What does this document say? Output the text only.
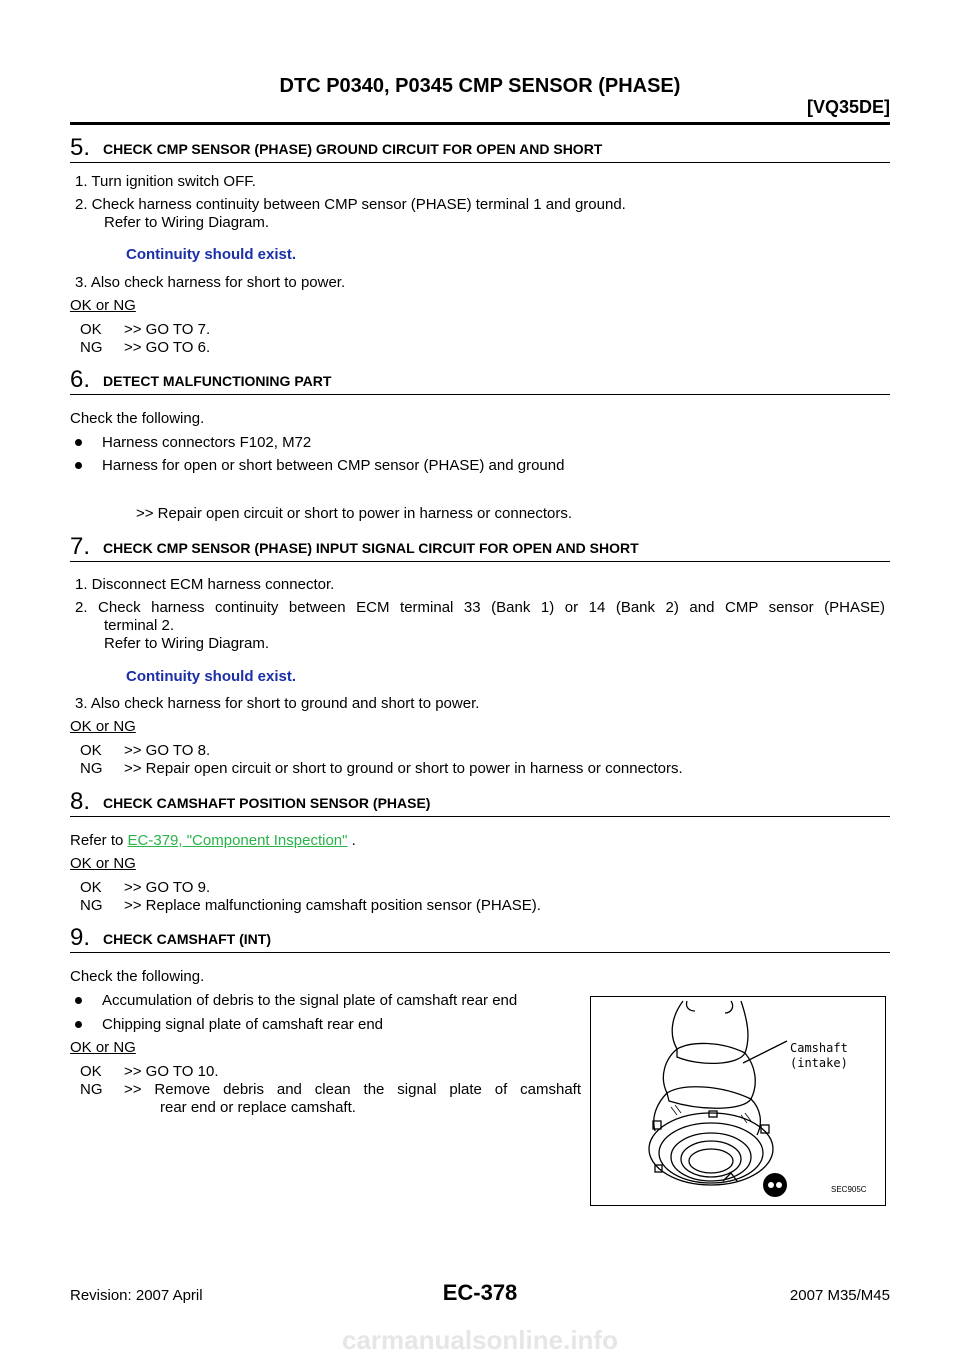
DTC P0340, P0345 CMP SENSOR (PHASE)
[VQ35DE]
5. CHECK CMP SENSOR (PHASE) GROUND CIRCUIT FOR OPEN AND SHORT
1. Turn ignition switch OFF.
2. Check harness continuity between CMP sensor (PHASE) terminal 1 and ground.
Refer to Wiring Diagram.
Continuity should exist.
3. Also check harness for short to power.
OK or NG
OK >> GO TO 7.
NG >> GO TO 6.
6. DETECT MALFUNCTIONING PART
Check the following.
Harness connectors F102, M72
Harness for open or short between CMP sensor (PHASE) and ground
>> Repair open circuit or short to power in harness or connectors.
7. CHECK CMP SENSOR (PHASE) INPUT SIGNAL CIRCUIT FOR OPEN AND SHORT
1. Disconnect ECM harness connector.
2. Check harness continuity between ECM terminal 33 (Bank 1) or 14 (Bank 2) and CMP sensor (PHASE)
terminal 2.
Refer to Wiring Diagram.
Continuity should exist.
3. Also check harness for short to ground and short to power.
OK or NG
OK >> GO TO 8.
NG >> Repair open circuit or short to ground or short to power in harness or connectors.
8. CHECK CAMSHAFT POSITION SENSOR (PHASE)
Refer to EC-379, "Component Inspection" .
OK or NG
OK >> GO TO 9.
NG >> Replace malfunctioning camshaft position sensor (PHASE).
9. CHECK CAMSHAFT (INT)
Check the following.
Accumulation of debris to the signal plate of camshaft rear end
Chipping signal plate of camshaft rear end
OK or NG
OK >> GO TO 10.
NG >> Remove debris and clean the signal plate of camshaft
rear end or replace camshaft.
Camshaft
(intake)
SEC905C
Revision: 2007 April	EC-378	2007 M35/M45
carmanualsonline.info
